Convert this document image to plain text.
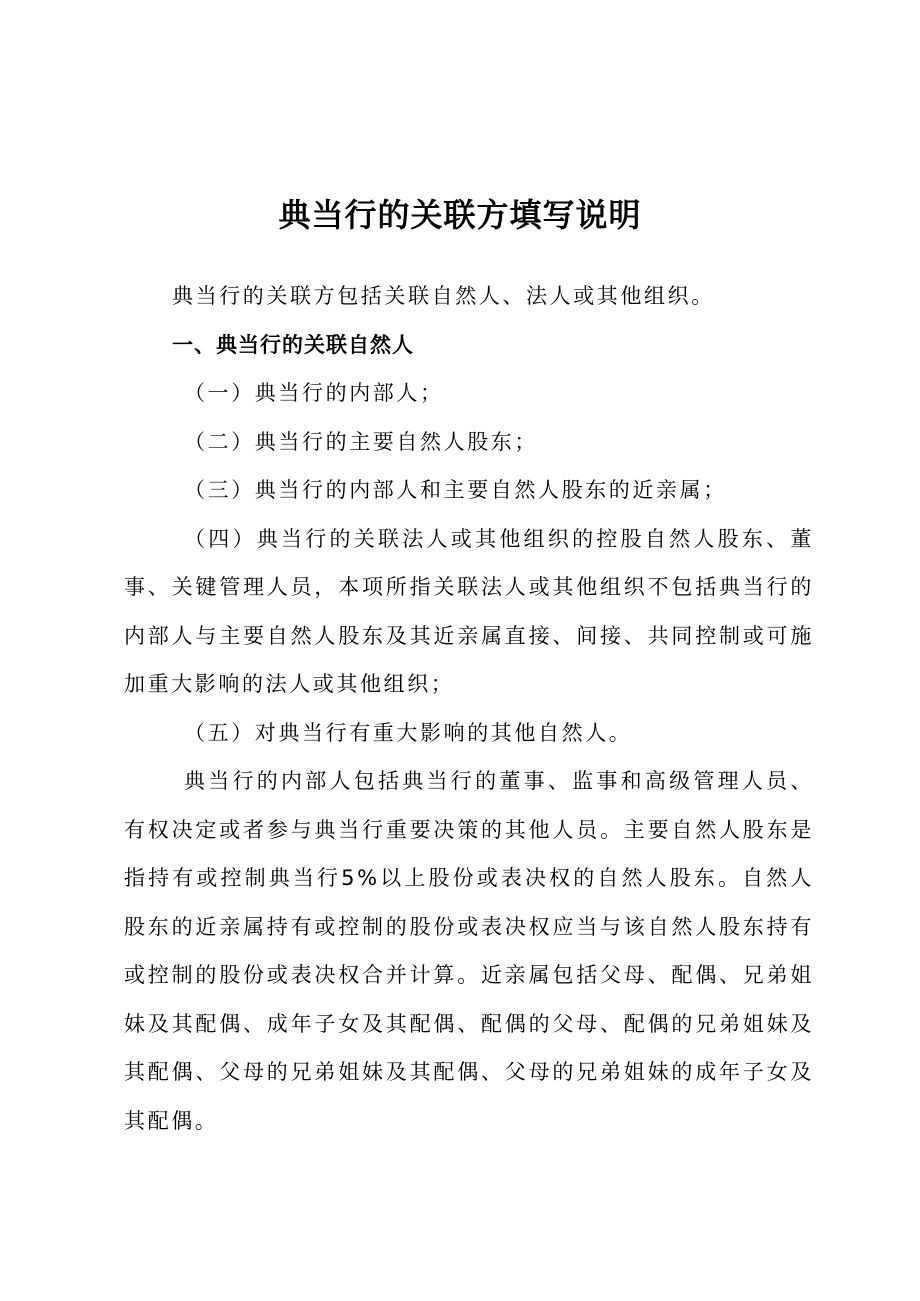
典当行的关联方填写说明

典当行的关联方包括关联自然人、法人或其他组织。

一、典当行的关联自然人

（一）典当行的内部人；

（二）典当行的主要自然人股东；

（三）典当行的内部人和主要自然人股东的近亲属；

（四）典当行的关联法人或其他组织的控股自然人股东、董事、关键管理人员，本项所指关联法人或其他组织不包括典当行的内部人与主要自然人股东及其近亲属直接、间接、共同控制或可施加重大影响的法人或其他组织；

（五）对典当行有重大影响的其他自然人。

典当行的内部人包括典当行的董事、监事和高级管理人员、有权决定或者参与典当行重要决策的其他人员。主要自然人股东是指持有或控制典当行5%以上股份或表决权的自然人股东。自然人股东的近亲属持有或控制的股份或表决权应当与该自然人股东持有或控制的股份或表决权合并计算。近亲属包括父母、配偶、兄弟姐妹及其配偶、成年子女及其配偶、配偶的父母、配偶的兄弟姐妹及其配偶、父母的兄弟姐妹及其配偶、父母的兄弟姐妹的成年子女及其配偶。
